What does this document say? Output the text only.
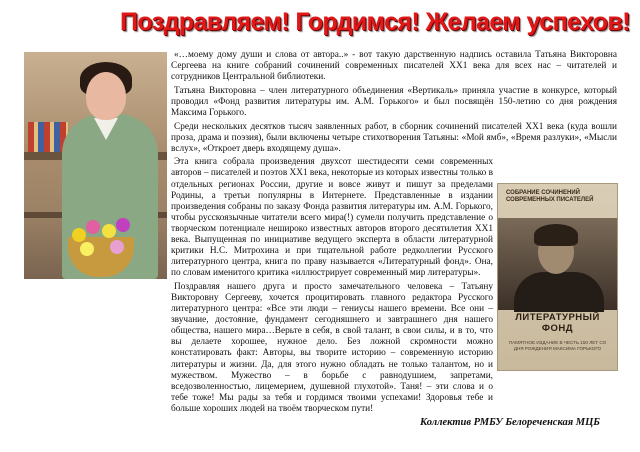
Поздравляем! Гордимся! Желаем успехов!
СОБРАНИЕ СОЧИНЕНИЙ СОВРЕМЕННЫХ ПИСАТЕЛЕЙ
ЛИТЕРАТУРНЫЙ
ФОНД
ПАМЯТНОЕ ИЗДАНИЕ В ЧЕСТЬ 150 ЛЕТ СО ДНЯ РОЖДЕНИЯ МАКСИМА ГОРЬКОГО

«…моему дому души и слова от автора..» - вот такую дарственную надпись оставила Татьяна Викторовна Сергеева на книге собраний сочинений современных писателей XX1 века для всех нас – читателей и сотрудников Центральной библиотеки.

Татьяна Викторовна – член литературного объединения «Вертикаль» приняла участие в конкурсе, который проводил «Фонд развития литературы им. А.М. Горького» и был посвящён 150-летию со дня рождения Максима Горького.

Среди нескольких десятков тысяч заявленных работ, в сборник сочинений писателей XX1 века (куда вошли проза, драма и поэзия), были включены четыре стихотворения Татьяны: «Мой ямб», «Время разлуки», «Мысли вслух», «Откроет дверь входящему душа».

Эта книга собрала произведения двухсот шестидесяти семи современных авторов – писателей и поэтов XX1 века, некоторые из которых известны только в отдельных регионах России, другие и вовсе живут и пишут за пределами Родины, а третьи популярны в Интернете. Представленные в издании произведения собраны по заказу Фонда развития литературы им. А.М. Горького, чтобы русскоязычные читатели всего мира(!) сумели получить представление о творческом потенциале нешироко известных авторов второго десятилетия XX1 века. Выпущенная по инициативе ведущего эксперта в области литературной критики Н.С. Митрохина и при тщательной работе редколлегии Русского литературного центра, книга по праву называется «Литературный фонд». Она, по словам именитого критика «иллюстрирует современный мир литературы».

Поздравляя нашего друга и просто замечательного человека – Татьяну Викторовну Сергееву, хочется процитировать главного редактора Русского литературного центра: «Все эти люди – гениусы нашего времени. Все они – звучание, достояние, фундамент сегодняшнего и завтрашнего дня нашего общества, нашего мира…Верьте в себя, в свой талант, в свои силы, и в то, что вы делаете хорошее, нужное дело. Без ложной скромности можно констатировать факт: Авторы, вы творите историю – современную историю литературы и жизни. Да, для этого нужно обладать не только талантом, но и мужеством. Мужество – в борьбе с равнодушием, запретами, вседозволенностью, лицемерием, душевной глухотой». Таня! – эти слова и о тебе тоже! Мы рады за тебя и гордимся твоими успехами! Здоровья тебе и больше хороших людей на твоём творческом пути!

Коллектив РМБУ Белореченская МЦБ
